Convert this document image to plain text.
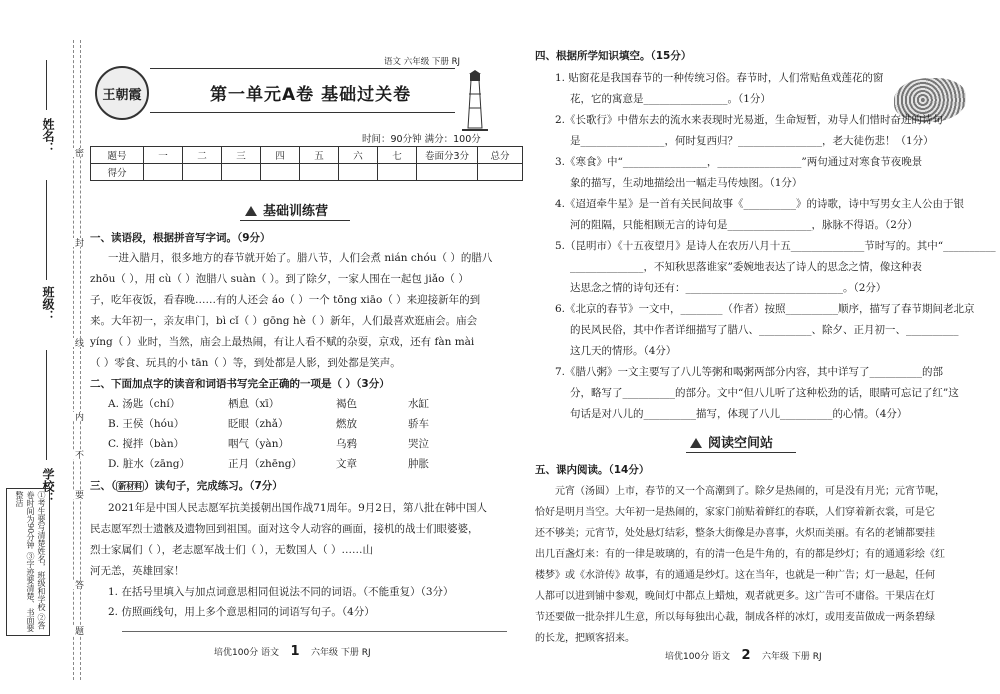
姓名：
班级：
学校：
密
封
线
内
不
要
答
题
①考生要写清楚姓名，班级和学校 ②答卷时间为90分钟 ③字迹要清楚、书面要整洁
王朝霞
语文 六年级 下册 RJ
第一单元A卷 基础过关卷
时间：90分钟 满分：100分
题号	一	二	三	四	五	六	七	卷面分3分	总分
得分									
基础训练营
一、读语段，根据拼音写字词。（9分）
一进入腊月，很多地方的春节就开始了。腊八节，人们会煮 nián chóu（ ）的腊八
zhōu（ ），用 cù（ ）泡腊八 suàn（ ）。到了除夕，一家人围在一起包 jiǎo（ ）
子，吃年夜饭，看春晚……有的人还会 áo（ ）一个 tōng xiāo（ ）来迎接新年的到
来。大年初一，亲友串门，bì cǐ（ ）gōng hè（ ）新年，人们最喜欢逛庙会。庙会
yíng（ ）业时，当然，庙会上最热闹，有让人看不赋的杂耍，京戏，还有 fàn mài
（ ）零食、玩具的小 tān（ ）等，到处都是人影，到处都是笑声。
二、下面加点字的读音和词语书写完全正确的一项是（ ）（3分）
A. 汤匙（chí）	栖息（xī）	褐色	水缸
B. 王侯（hóu）	眨眼（zhǎ）	燃放	骄车
C. 搅拌（bàn）	咽气（yàn）	乌鸦	哭泣
D. 脏水（zāng）	正月（zhēng）	文章	肿胀
三、（ 新材料 ）读句子，完成练习。（7分）
2021年是中国人民志愿军抗美援朝出国作战71周年。9月2日，第八批在韩中国人
民志愿军烈士遗骸及遗物回到祖国。面对这令人动容的画面，接机的战士们眼婆婆，
烈士家属们（ ），老志愿军战士们（ ），无数国人（ ）……山
河无恙，英雄回家！
1. 在括号里填入与加点词意思相同但说法不同的词语。（不能重复）（3分）
2. 仿照画线句，用上多个意思相同的词语写句子。（4分）
培优100分 语文 1 六年级 下册 RJ
四、根据所学知识填空。（15分）
1. 贴窗花是我国春节的一种传统习俗。春节时，人们常贴鱼戏莲花的窗
花，它的寓意是________________。（1分）
2.《长歌行》中借东去的流水来表现时光易逝，生命短暂，劝导人们惜时奋进的诗句
是________________，何时复西归？________________，老大徒伤悲！（1分）
3.《寒食》中“________________，________________”两句通过对寒食节夜晚景
象的描写，生动地描绘出一幅走马传烛图。（1分）
4.《迢迢牵牛星》是一首有关民间故事《__________》的诗歌，诗中写男女主人公由于银
河的阻隔，只能相顾无言的诗句是________________，脉脉不得语。（2分）
5.（昆明市）《十五夜望月》是诗人在农历八月十五______________节时写的。其中“__________
______________，不知秋思落谁家”委婉地表达了诗人的思念之情，像这种表
达思念之情的诗句还有：______________________________。（2分）
6.《北京的春节》一文中，________（作者）按照__________顺序，描写了春节期间老北京
的民风民俗，其中作者详细描写了腊八、__________、除夕、正月初一、__________
这几天的情形。（4分）
7.《腊八粥》一文主要写了八儿等粥和喝粥两部分内容，其中详写了__________的部
分，略写了__________的部分。文中“但八儿听了这种松劲的话，眼睛可忘记了红”这
句话是对八儿的__________描写，体现了八儿__________的心情。（4分）
阅读空间站
五、课内阅读。（14分）
元宵（汤圆）上市，春节的又一个高潮到了。除夕是热闹的，可是没有月光；元宵节呢，
恰好是明月当空。大年初一是热闹的，家家门前贴着鲜红的春联，人们穿着新衣裳，可是它
还不够美；元宵节，处处悬灯结彩，整条大街像是办喜事，火炽而美丽。有名的老铺都要挂
出几百盏灯来：有的一律是玻璃的，有的清一色是牛角的，有的都是纱灯；有的通通彩绘《红
楼梦》或《水浒传》故事，有的通通是纱灯。这在当年，也就是一种广告；灯一悬起，任何
人都可以进到铺中参观，晚间灯中都点上蜡烛，观者就更多。这广告可不庸俗。干果店在灯
节还要做一批杂拌儿生意，所以每每独出心裁，制成各样的冰灯，或用麦苗做成一两条碧绿
的长龙，把顾客招来。
培优100分 语文 2 六年级 下册 RJ
